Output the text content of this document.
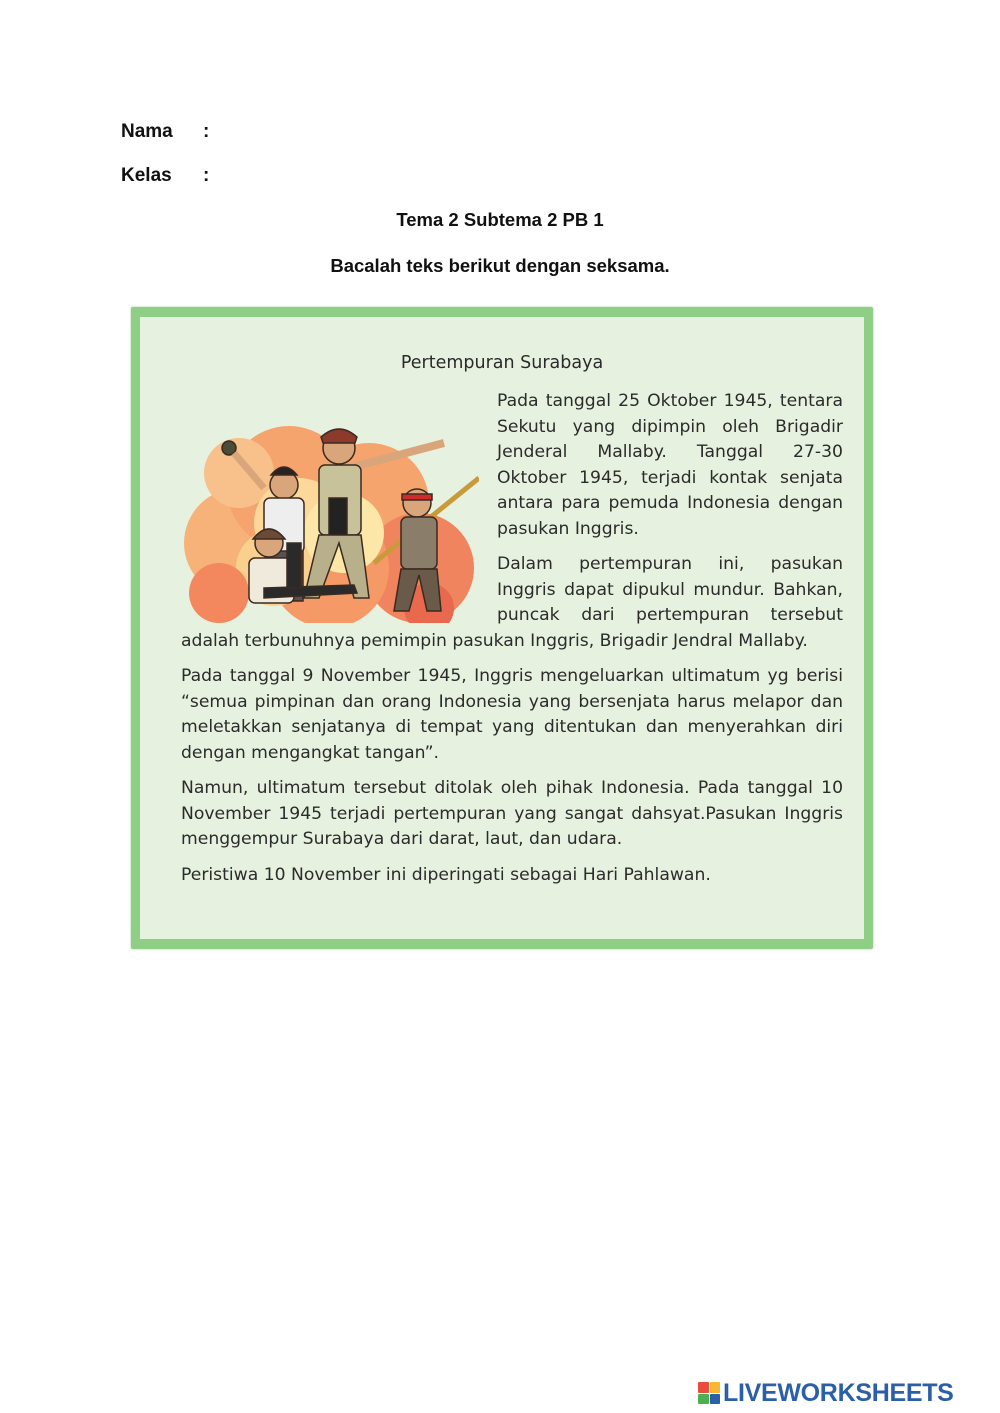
Nama :
Kelas :
Tema 2 Subtema 2 PB 1
Bacalah teks berikut dengan seksama.
Pertempuran Surabaya

Pada tanggal 25 Oktober 1945, tentara Sekutu yang dipimpin oleh Brigadir Jenderal Mallaby. Tanggal 27-30 Oktober 1945, terjadi kontak senjata antara para pemuda Indonesia dengan pasukan Inggris.

Dalam pertempuran ini, pasukan Inggris dapat dipukul mundur. Bahkan, puncak dari pertempuran tersebut adalah terbunuhnya pemimpin pasukan Inggris, Brigadir Jendral Mallaby.

Pada tanggal 9 November 1945, Inggris mengeluarkan ultimatum yg berisi “semua pimpinan dan orang Indonesia yang bersenjata harus melapor dan meletakkan senjatanya di tempat yang ditentukan dan menyerahkan diri dengan mengangkat tangan”.

Namun, ultimatum tersebut ditolak oleh pihak Indonesia. Pada tanggal 10 November 1945 terjadi pertempuran yang sangat dahsyat.Pasukan Inggris menggempur Surabaya dari darat, laut, dan udara.

Peristiwa 10 November ini diperingati sebagai Hari Pahlawan.

LIVEWORKSHEETS
